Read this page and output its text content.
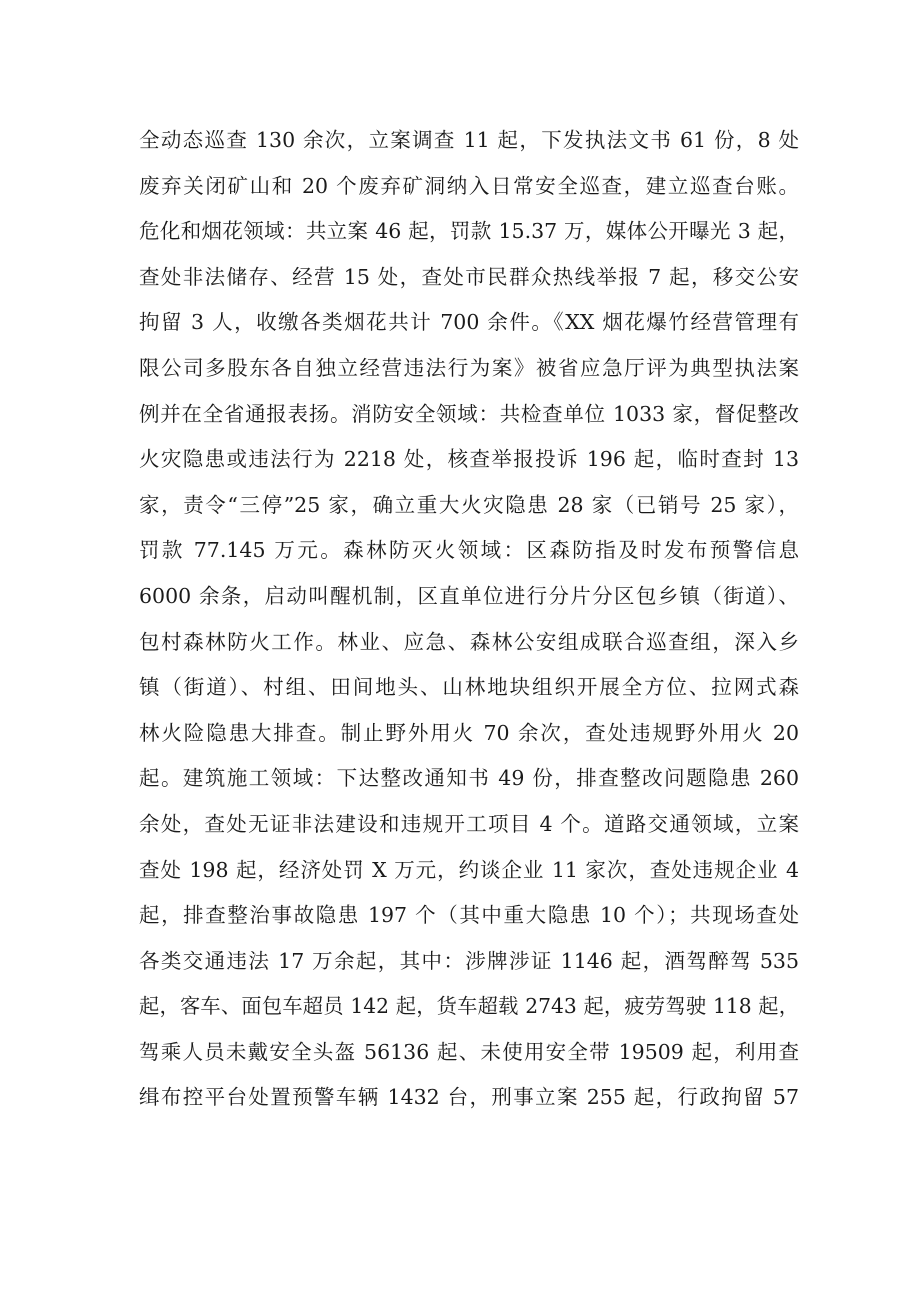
全动态巡查 130 余次，立案调查 11 起，下发执法文书 61 份，8 处
废弃关闭矿山和 20 个废弃矿洞纳入日常安全巡查，建立巡查台账。
危化和烟花领域：共立案 46 起，罚款 15.37 万，媒体公开曝光 3 起，
查处非法储存、经营 15 处，查处市民群众热线举报 7 起，移交公安
拘留 3 人，收缴各类烟花共计 700 余件。《XX 烟花爆竹经营管理有
限公司多股东各自独立经营违法行为案》被省应急厅评为典型执法案
例并在全省通报表扬。消防安全领域：共检查单位 1033 家，督促整改
火灾隐患或违法行为 2218 处，核查举报投诉 196 起，临时查封 13
家，责令“三停”25 家，确立重大火灾隐患 28 家（已销号 25 家），
罚款 77.145 万元。森林防灭火领域：区森防指及时发布预警信息
6000 余条，启动叫醒机制，区直单位进行分片分区包乡镇（街道）、
包村森林防火工作。林业、应急、森林公安组成联合巡查组，深入乡
镇（街道）、村组、田间地头、山林地块组织开展全方位、拉网式森
林火险隐患大排查。制止野外用火 70 余次，查处违规野外用火 20
起。建筑施工领域：下达整改通知书 49 份，排查整改问题隐患 260
余处，查处无证非法建设和违规开工项目 4 个。道路交通领域，立案
查处 198 起，经济处罚 X 万元，约谈企业 11 家次，查处违规企业 4
起，排查整治事故隐患 197 个（其中重大隐患 10 个）；共现场查处
各类交通违法 17 万余起，其中：涉牌涉证 1146 起，酒驾醉驾 535
起，客车、面包车超员 142 起，货车超载 2743 起，疲劳驾驶 118 起，
驾乘人员未戴安全头盔 56136 起、未使用安全带 19509 起，利用查
缉布控平台处置预警车辆 1432 台，刑事立案 255 起，行政拘留 57
